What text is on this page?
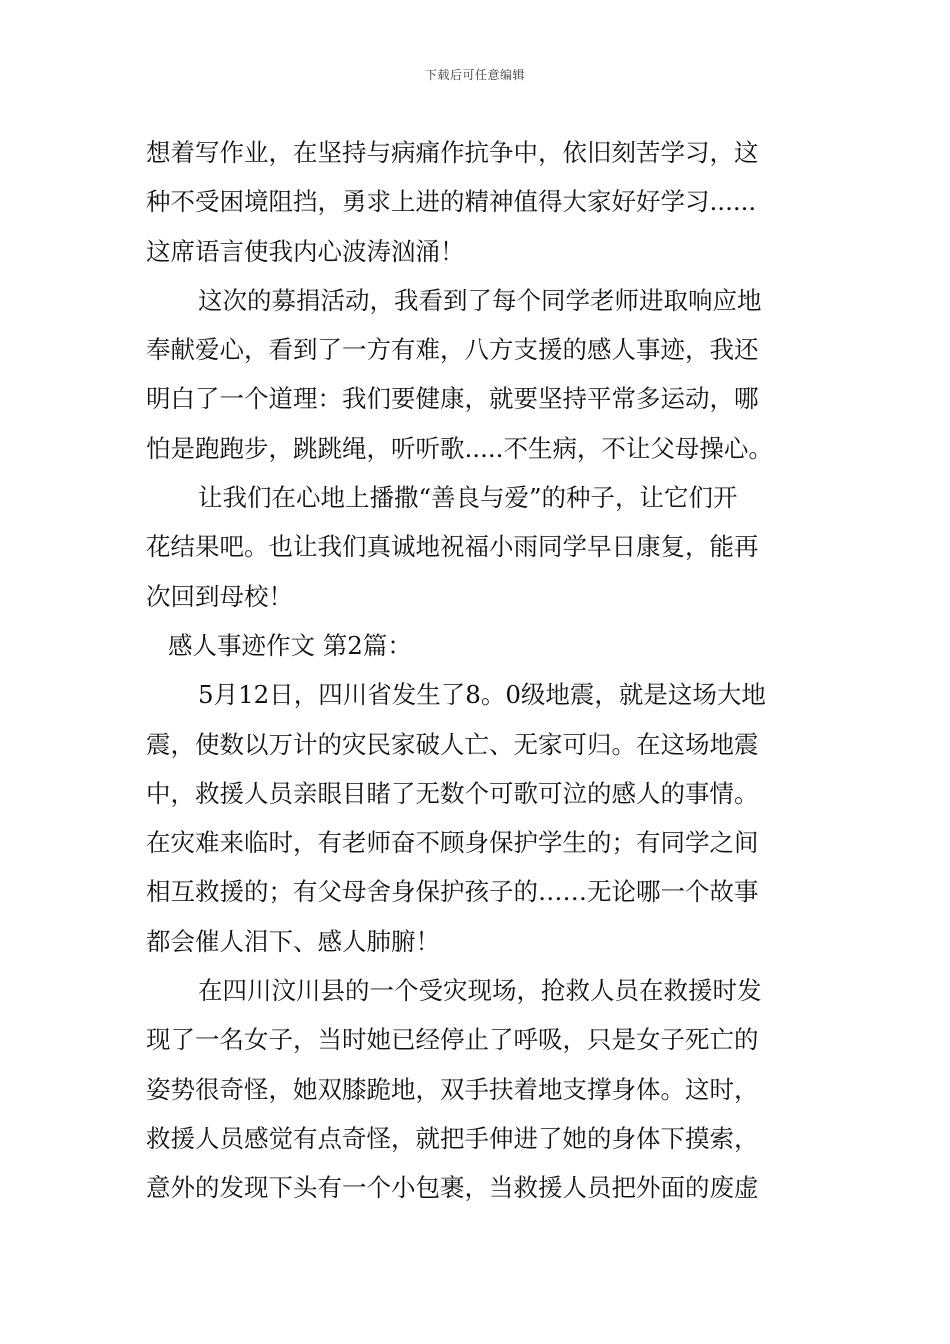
下载后可任意编辑
想着写作业，在坚持与病痛作抗争中，依旧刻苦学习，这
种不受困境阻挡，勇求上进的精神值得大家好好学习......
这席语言使我内心波涛汹涌！
这次的募捐活动，我看到了每个同学老师进取响应地
奉献爱心，看到了一方有难，八方支援的感人事迹，我还
明白了一个道理：我们要健康，就要坚持平常多运动，哪
怕是跑跑步，跳跳绳，听听歌.....不生病，不让父母操心。
让我们在心地上播撒“善良与爱”的种子，让它们开
花结果吧。也让我们真诚地祝福小雨同学早日康复，能再
次回到母校！
感人事迹作文 第2篇：
5月12日，四川省发生了8。0级地震，就是这场大地
震，使数以万计的灾民家破人亡、无家可归。在这场地震
中，救援人员亲眼目睹了无数个可歌可泣的感人的事情。
在灾难来临时，有老师奋不顾身保护学生的；有同学之间
相互救援的；有父母舍身保护孩子的……无论哪一个故事
都会催人泪下、感人肺腑！
在四川汶川县的一个受灾现场，抢救人员在救援时发
现了一名女子，当时她已经停止了呼吸，只是女子死亡的
姿势很奇怪，她双膝跪地，双手扶着地支撑身体。这时，
救援人员感觉有点奇怪，就把手伸进了她的身体下摸索，
意外的发现下头有一个小包裹，当救援人员把外面的废虚
